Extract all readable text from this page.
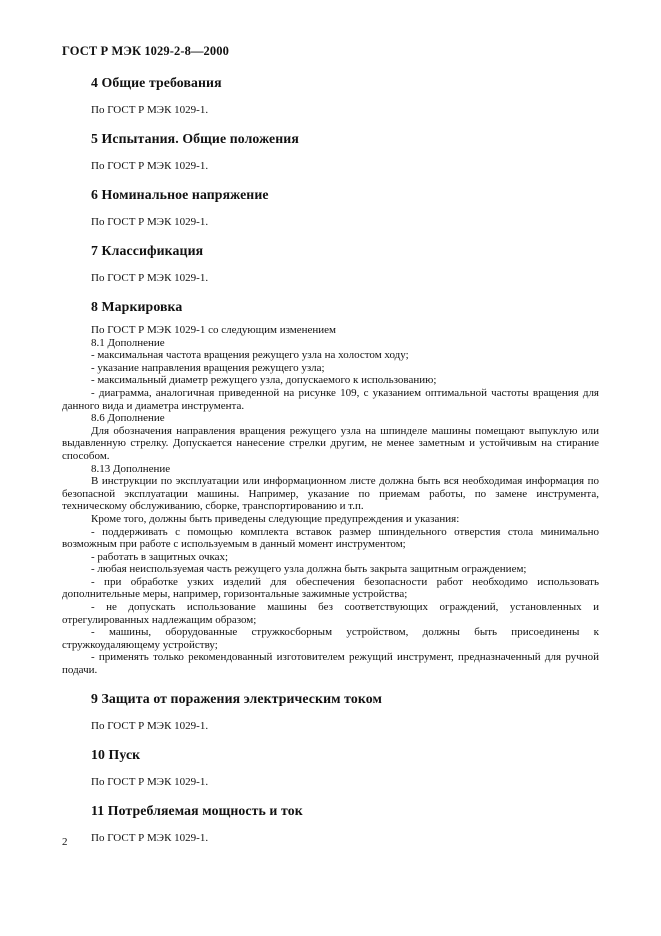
ГОСТ Р МЭК 1029-2-8—2000
4 Общие требования

По ГОСТ Р МЭК 1029-1.

5 Испытания. Общие положения

По ГОСТ Р МЭК 1029-1.

6 Номинальное напряжение

По ГОСТ Р МЭК 1029-1.

7 Классификация

По ГОСТ Р МЭК 1029-1.

8 Маркировка

По ГОСТ Р МЭК 1029-1 со следующим изменением

8.1 Дополнение

- максимальная частота вращения режущего узла на холостом ходу;

- указание направления вращения режущего узла;

- максимальный диаметр режущего узла, допускаемого к использованию;

- диаграмма, аналогичная приведенной на рисунке 109, с указанием оптимальной частоты вращения для данного вида и диаметра инструмента.

8.6 Дополнение

Для обозначения направления вращения режущего узла на шпинделе машины помещают выпуклую или выдавленную стрелку. Допускается нанесение стрелки другим, не менее заметным и устойчивым на стирание способом.

8.13 Дополнение

В инструкции по эксплуатации или информационном листе должна быть вся необходимая информация по безопасной эксплуатации машины. Например, указание по приемам работы, по замене инструмента, техническому обслуживанию, сборке, транспортированию и т.п.

Кроме того, должны быть приведены следующие предупреждения и указания:

- поддерживать с помощью комплекта вставок размер шпиндельного отверстия стола минимально возможным при работе с используемым в данный момент инструментом;

- работать в защитных очках;

- любая неиспользуемая часть режущего узла должна быть закрыта защитным ограждением;

- при обработке узких изделий для обеспечения безопасности работ необходимо использовать дополнительные меры, например, горизонтальные зажимные устройства;

- не допускать использование машины без соответствующих ограждений, установленных и отрегулированных надлежащим образом;

- машины, оборудованные стружкосборным устройством, должны быть присоединены к стружкоудаляющему устройству;

- применять только рекомендованный изготовителем режущий инструмент, предназначенный для ручной подачи.

9 Защита от поражения электрическим током

По ГОСТ Р МЭК 1029-1.

10 Пуск

По ГОСТ Р МЭК 1029-1.

11 Потребляемая мощность и ток

По ГОСТ Р МЭК 1029-1.

2
